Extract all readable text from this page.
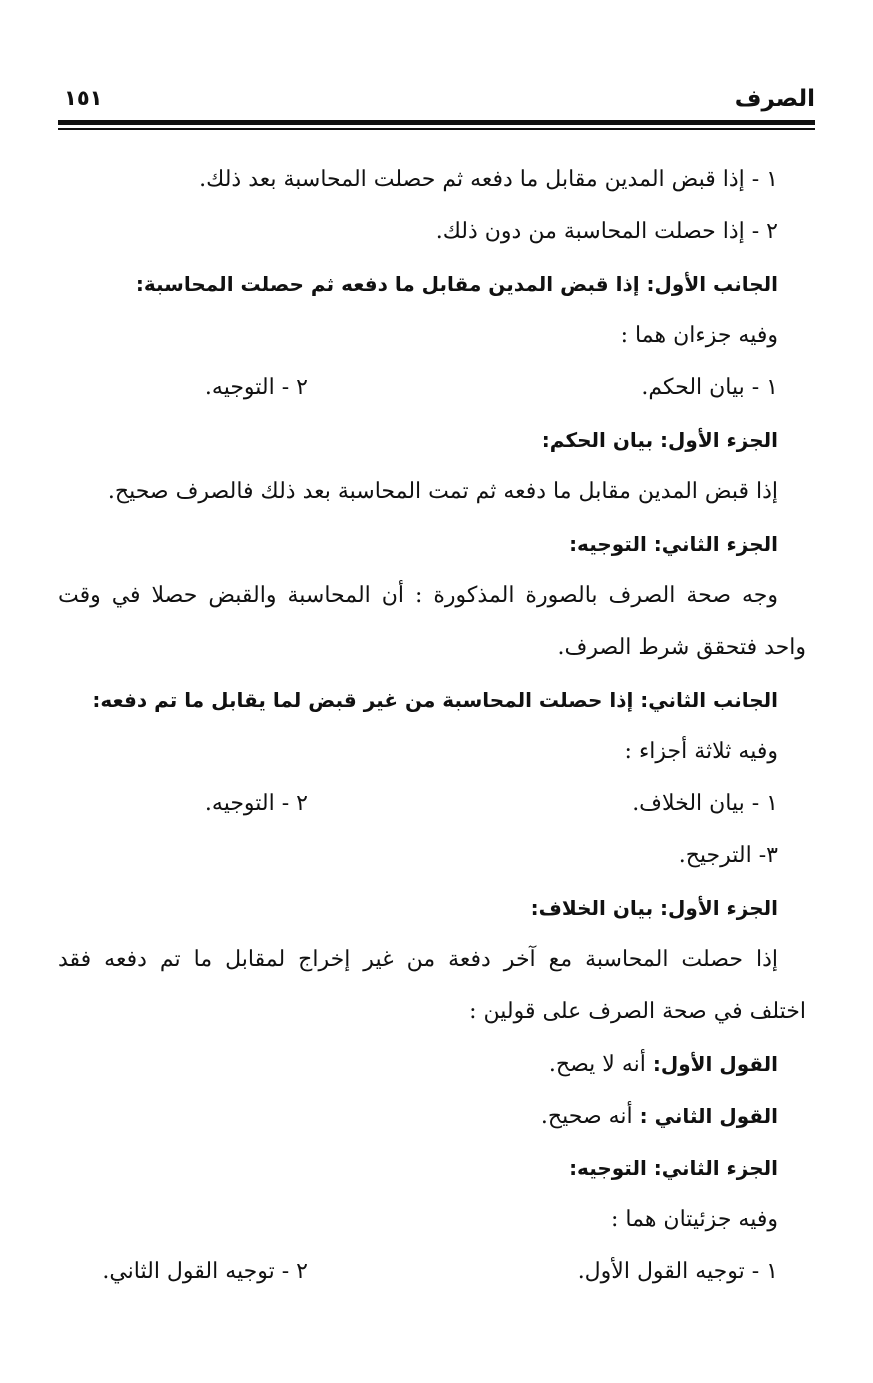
الصرف
١٥١
١ - إذا قبض المدين مقابل ما دفعه ثم حصلت المحاسبة بعد ذلك.
٢ - إذا حصلت المحاسبة من دون ذلك.
الجانب الأول: إذا قبض المدين مقابل ما دفعه ثم حصلت المحاسبة:
وفيه جزءان هما :
١ - بيان الحكم.
٢ - التوجيه.
الجزء الأول: بيان الحكم:
إذا قبض المدين مقابل ما دفعه ثم تمت المحاسبة بعد ذلك فالصرف صحيح.
الجزء الثاني: التوجيه:
وجه صحة الصرف بالصورة المذكورة : أن المحاسبة والقبض حصلا في وقت
واحد فتحقق شرط الصرف.
الجانب الثاني: إذا حصلت المحاسبة من غير قبض لما يقابل ما تم دفعه:
وفيه ثلاثة أجزاء :
١ - بيان الخلاف.
٢ - التوجيه.
٣- الترجيح.
الجزء الأول: بيان الخلاف:
إذا حصلت المحاسبة مع آخر دفعة من غير إخراج لمقابل ما تم دفعه فقد
اختلف في صحة الصرف على قولين :
القول الأول: أنه لا يصح.
القول الثاني : أنه صحيح.
الجزء الثاني: التوجيه:
وفيه جزئيتان هما :
١ - توجيه القول الأول.
٢ - توجيه القول الثاني.
